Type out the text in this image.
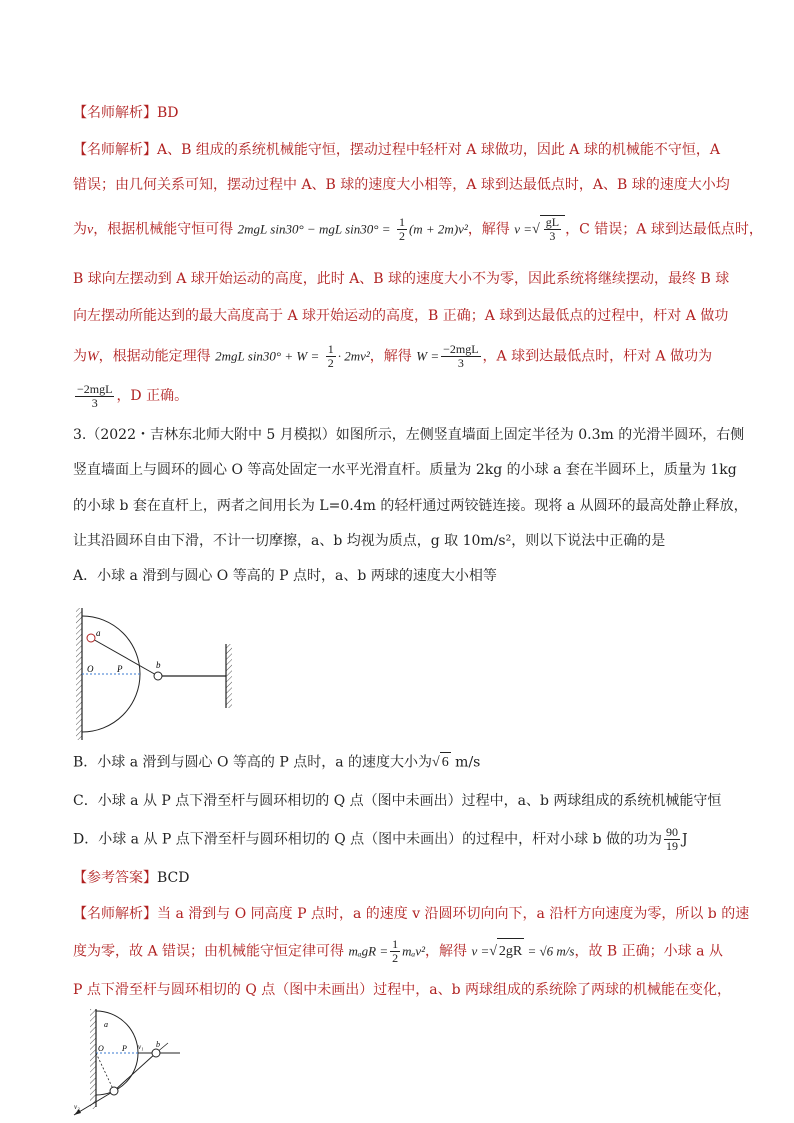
【名师解析】BD
【名师解析】A、B 组成的系统机械能守恒，摆动过程中轻杆对 A 球做功，因此 A 球的机械能不守恒，A
错误；由几何关系可知，摆动过程中 A、B 球的速度大小相等，A 球到达最低点时，A、B 球的速度大小均
为v，根据机械能守恒可得 2mgL sin30° − mgL $\sin 30^\circ = \frac{1}{2} (m + 2m)v^2$，解得 v =√ $\frac{gL}{3}$ ，C 错误；A 球到达最低点时，
B 球向左摆动到 A 球开始运动的高度，此时 A、B 球的速度大小不为零，因此系统将继续摆动，最终 B 球
向左摆动所能达到的最大高度高于 A 球开始运动的高度，B 正确；A 球到达最低点的过程中，杆对 A 做功
为W，根据动能定理得 2mgL $\sin 30^\circ + W = \frac{1}{2} \cdot 2mv^2$，解得 $W = \frac{\text{−2mgL}}{3}$ ，A 球到达最低点时，杆对 A 做功为
$\frac{\text{−2mgL}}{3}$ ，D 正确。
3.（2022・吉林东北师大附中 5 月模拟）如图所示，左侧竖直墙面上固定半径为 0.3m 的光滑半圆环，右侧
竖直墙面上与圆环的圆心 O 等高处固定一水平光滑直杆。质量为 2kg 的小球 a 套在半圆环上，质量为 1kg
的小球 b 套在直杆上，两者之间用长为 L=0.4m 的轻杆通过两铰链连接。现将 a 从圆环的最高处静止释放，
让其沿圆环自由下滑，不计一切摩擦，a、b 均视为质点，g 取 10m/s²，则以下说法中正确的是
A．小球 a 滑到与圆心 O 等高的 P 点时，a、b 两球的速度大小相等
a
O	P	b
B．小球 a 滑到与圆心 O 等高的 P 点时，a 的速度大小为√ 6 m/s
C．小球 a 从 P 点下滑至杆与圆环相切的 Q 点（图中未画出）过程中，a、b 两球组成的系统机械能守恒
D．小球 a 从 P 点下滑至杆与圆环相切的 Q 点（图中未画出）的过程中，杆对小球 b 做的功为 $\frac{90}{19}$ J
【参考答案】BCD
【名师解析】当 a 滑到与 O 同高度 P 点时，a 的速度 v 沿圆环切向向下，a 沿杆方向速度为零，所以 b 的速
度为零，故 A 错误；由机械能守恒定律可得 $m_agR = \frac{1}{2} m_av^2$，解得 v =√ 2gR = √6 m/s，故 B 正确；小球 a 从
P 点下滑至杆与圆环相切的 Q 点（图中未画出）过程中，a、b 两球组成的系统除了两球的机械能在变化，
a
O P	b
v₁
v₂
